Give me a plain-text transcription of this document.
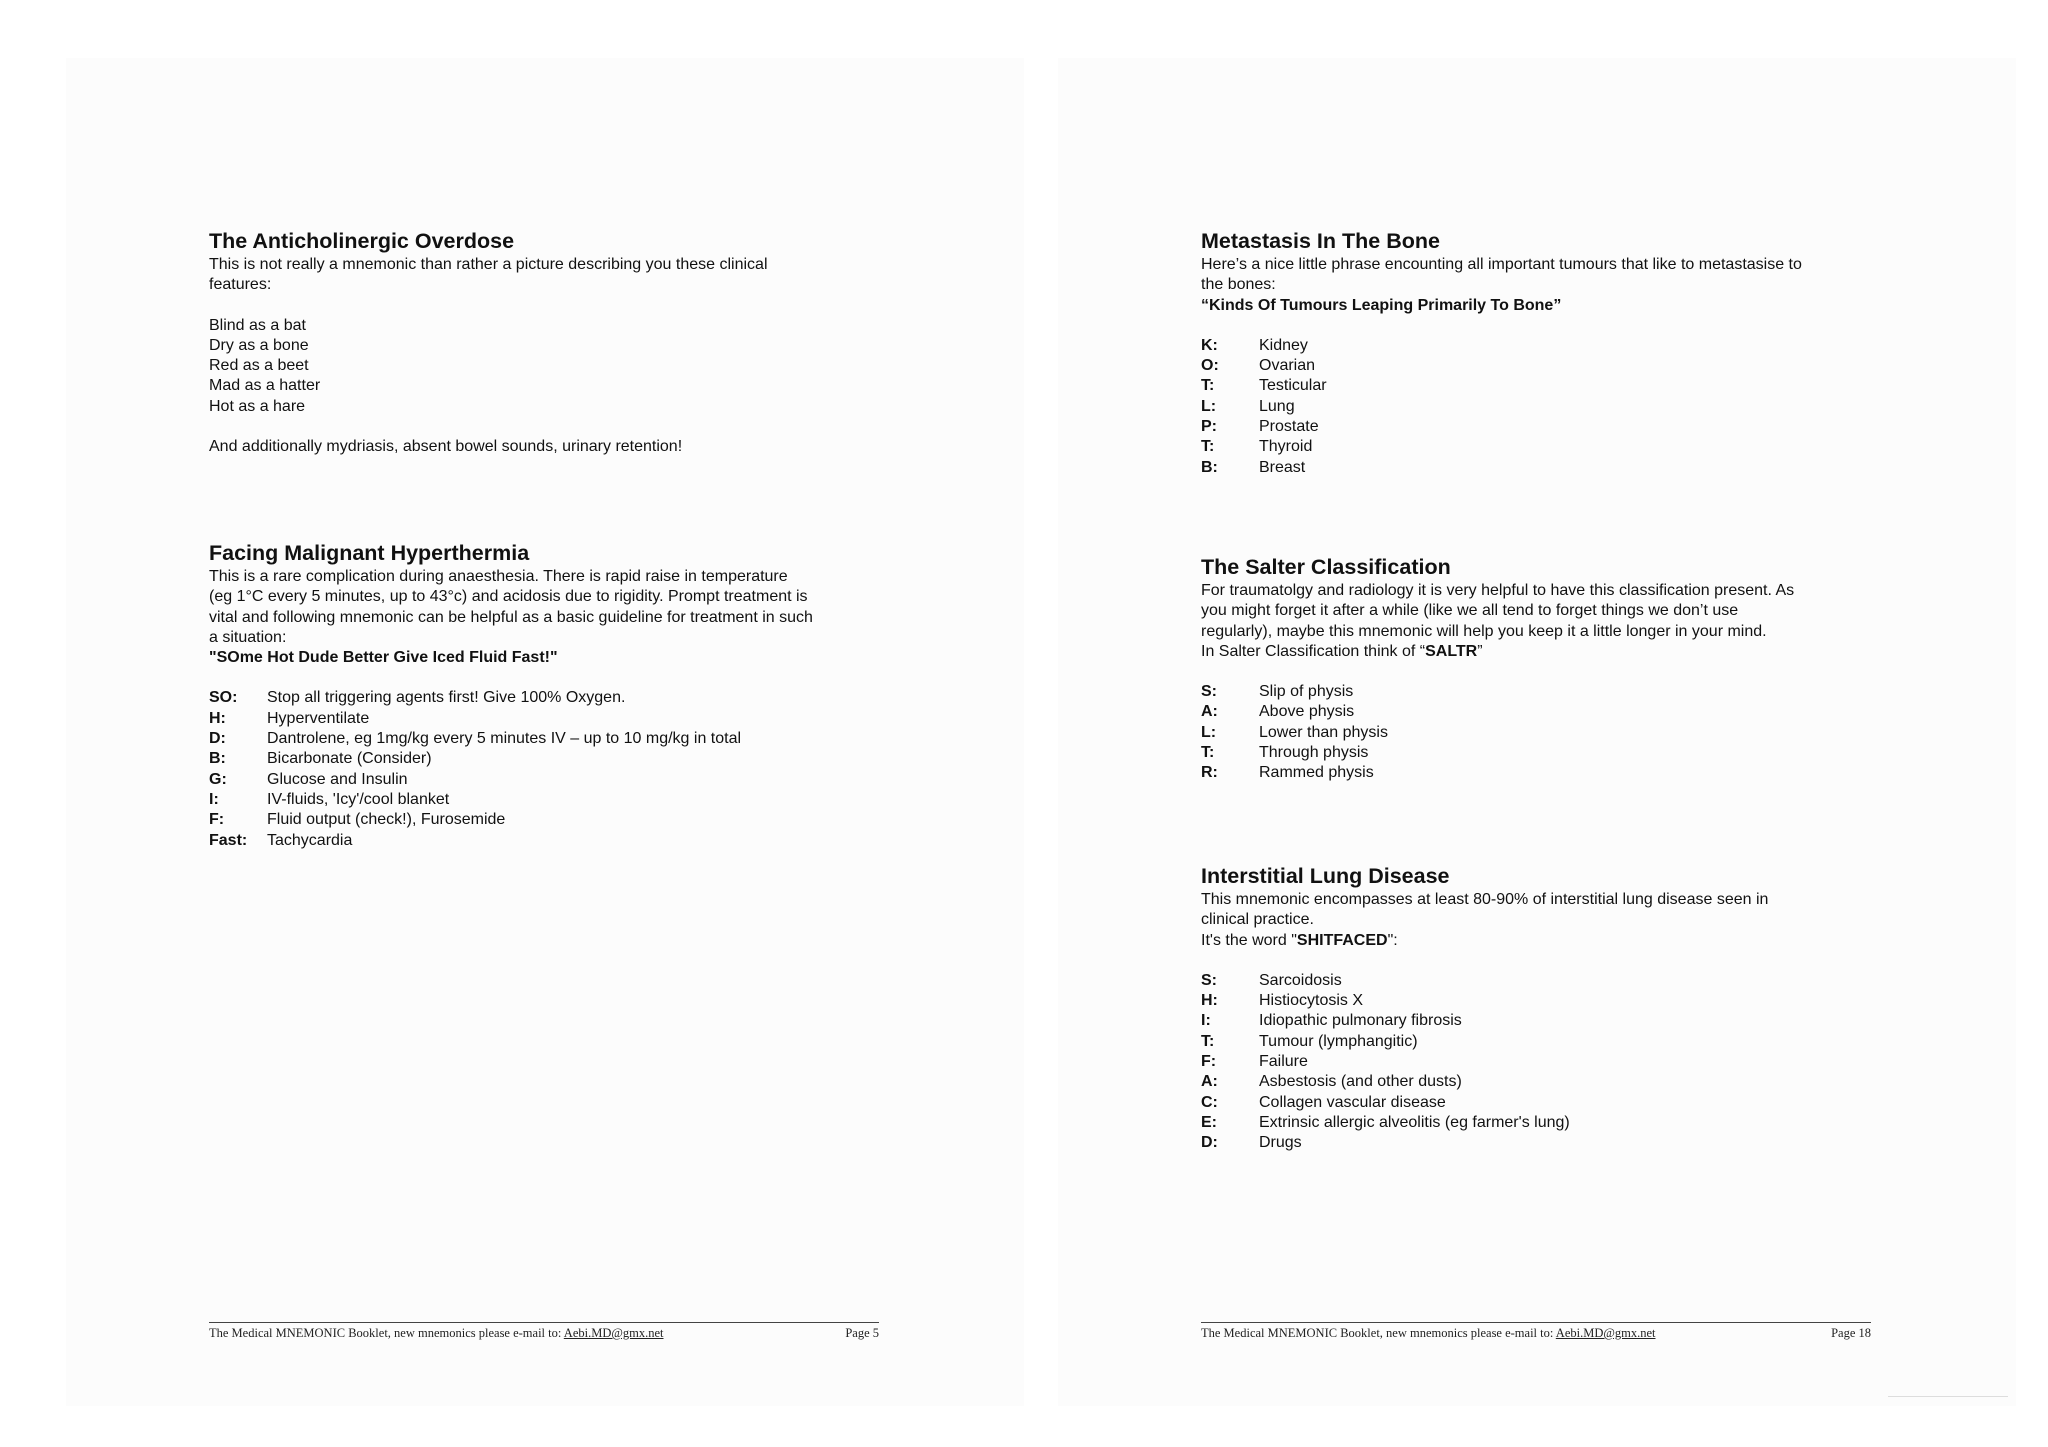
The Anticholinergic Overdose

This is not really a mnemonic than rather a picture describing you these clinical

features:

Blind as a bat

Dry as a bone

Red as a beet

Mad as a hatter

Hot as a hare

And additionally mydriasis, absent bowel sounds, urinary retention!

Facing Malignant Hyperthermia

This is a rare complication during anaesthesia. There is rapid raise in temperature

(eg 1°C every 5 minutes, up to 43°c) and acidosis due to rigidity. Prompt treatment is

vital and following mnemonic can be helpful as a basic guideline for treatment in such

a situation:

"SOme Hot Dude Better Give Iced Fluid Fast!"

SO:	Stop all triggering agents first! Give 100% Oxygen.
H:	Hyperventilate
D:	Dantrolene, eg 1mg/kg every 5 minutes IV – up to 10 mg/kg in total
B:	Bicarbonate (Consider)
G:	Glucose and Insulin
I:	IV-fluids, 'Icy'/cool blanket
F:	Fluid output (check!), Furosemide
Fast:	Tachycardia
The Medical MNEMONIC Booklet, new mnemonics please e-mail to: Aebi.MD@gmx.net	Page 5
Metastasis In The Bone

Here’s a nice little phrase encounting all important tumours that like to metastasise to

the bones:

“Kinds Of Tumours Leaping Primarily To Bone”

K:	Kidney
O:	Ovarian
T:	Testicular
L:	Lung
P:	Prostate
T:	Thyroid
B:	Breast
The Salter Classification

For traumatolgy and radiology it is very helpful to have this classification present. As

you might forget it after a while (like we all tend to forget things we don’t use

regularly), maybe this mnemonic will help you keep it a little longer in your mind.

In Salter Classification think of “SALTR”

S:	Slip of physis
A:	Above physis
L:	Lower than physis
T:	Through physis
R:	Rammed physis
Interstitial Lung Disease

This mnemonic encompasses at least 80-90% of interstitial lung disease seen in

clinical practice.

It's the word "SHITFACED":

S:	Sarcoidosis
H:	Histiocytosis X
I:	Idiopathic pulmonary fibrosis
T:	Tumour (lymphangitic)
F:	Failure
A:	Asbestosis (and other dusts)
C:	Collagen vascular disease
E:	Extrinsic allergic alveolitis (eg farmer's lung)
D:	Drugs
The Medical MNEMONIC Booklet, new mnemonics please e-mail to: Aebi.MD@gmx.net	Page 18
